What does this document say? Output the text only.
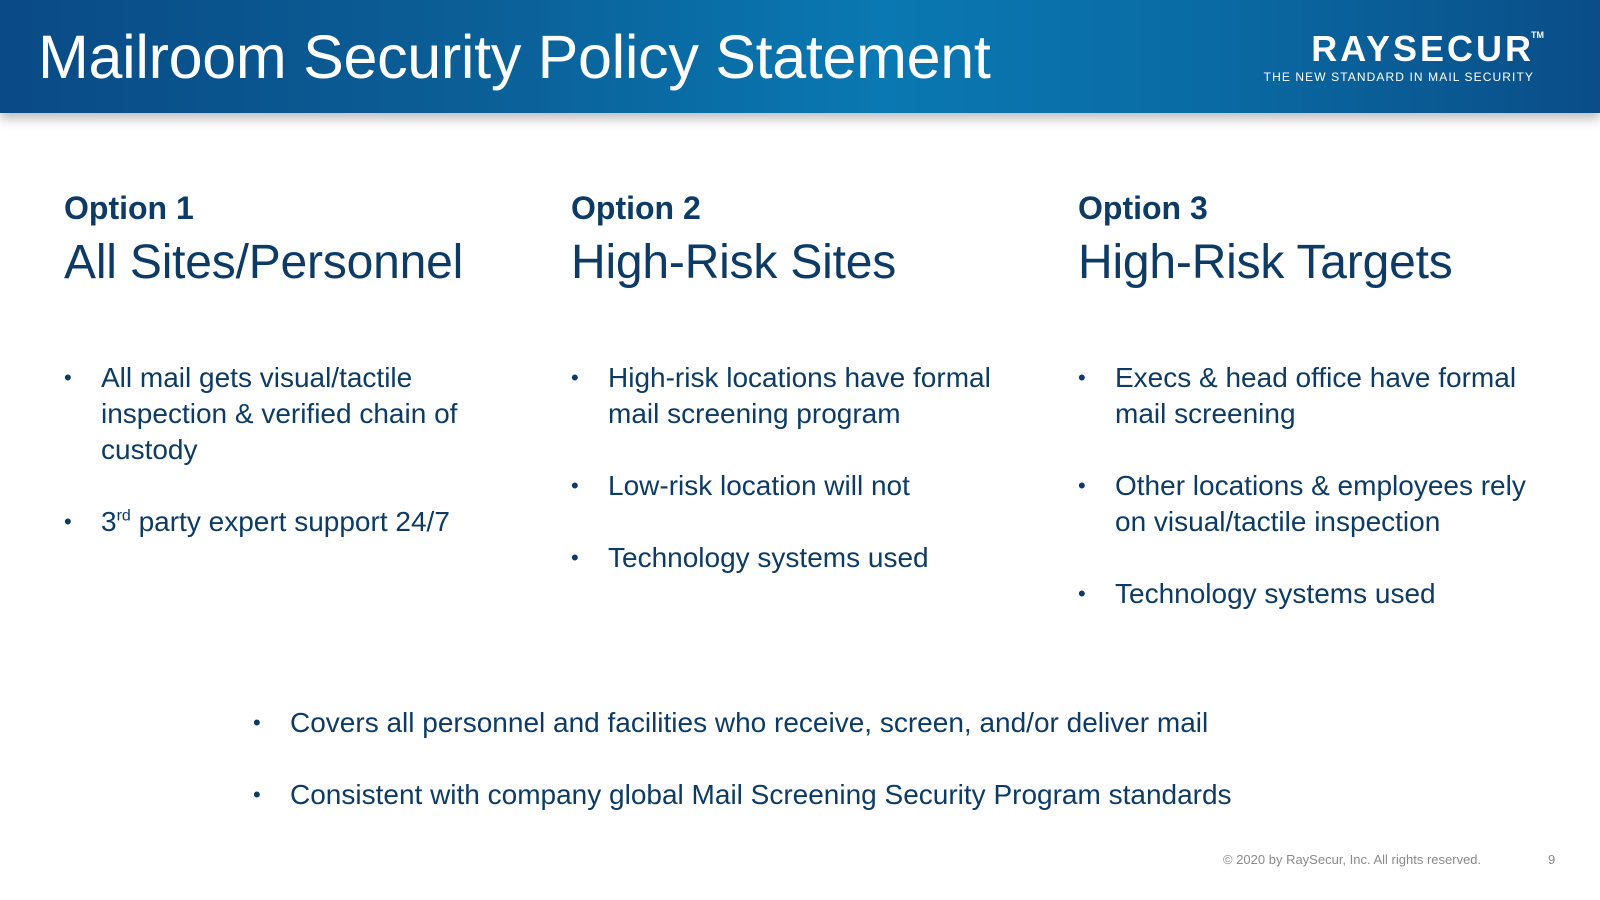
Mailroom Security Policy Statement	RAYSECUR
TM
THE NEW STANDARD IN MAIL SECURITY
Option 1
All Sites/Personnel
• All mail gets visual/tactile inspection & verified chain of custody
• 3rd party expert support 24/7
Option 2
High-Risk Sites
• High-risk locations have formal mail screening program
• Low-risk location will not
• Technology systems used
Option 3
High-Risk Targets
• Execs & head office have formal mail screening
• Other locations & employees rely on visual/tactile inspection
• Technology systems used
• Covers all personnel and facilities who receive, screen, and/or deliver mail
• Consistent with company global Mail Screening Security Program standards
© 2020 by RaySecur, Inc. All rights reserved.	9
